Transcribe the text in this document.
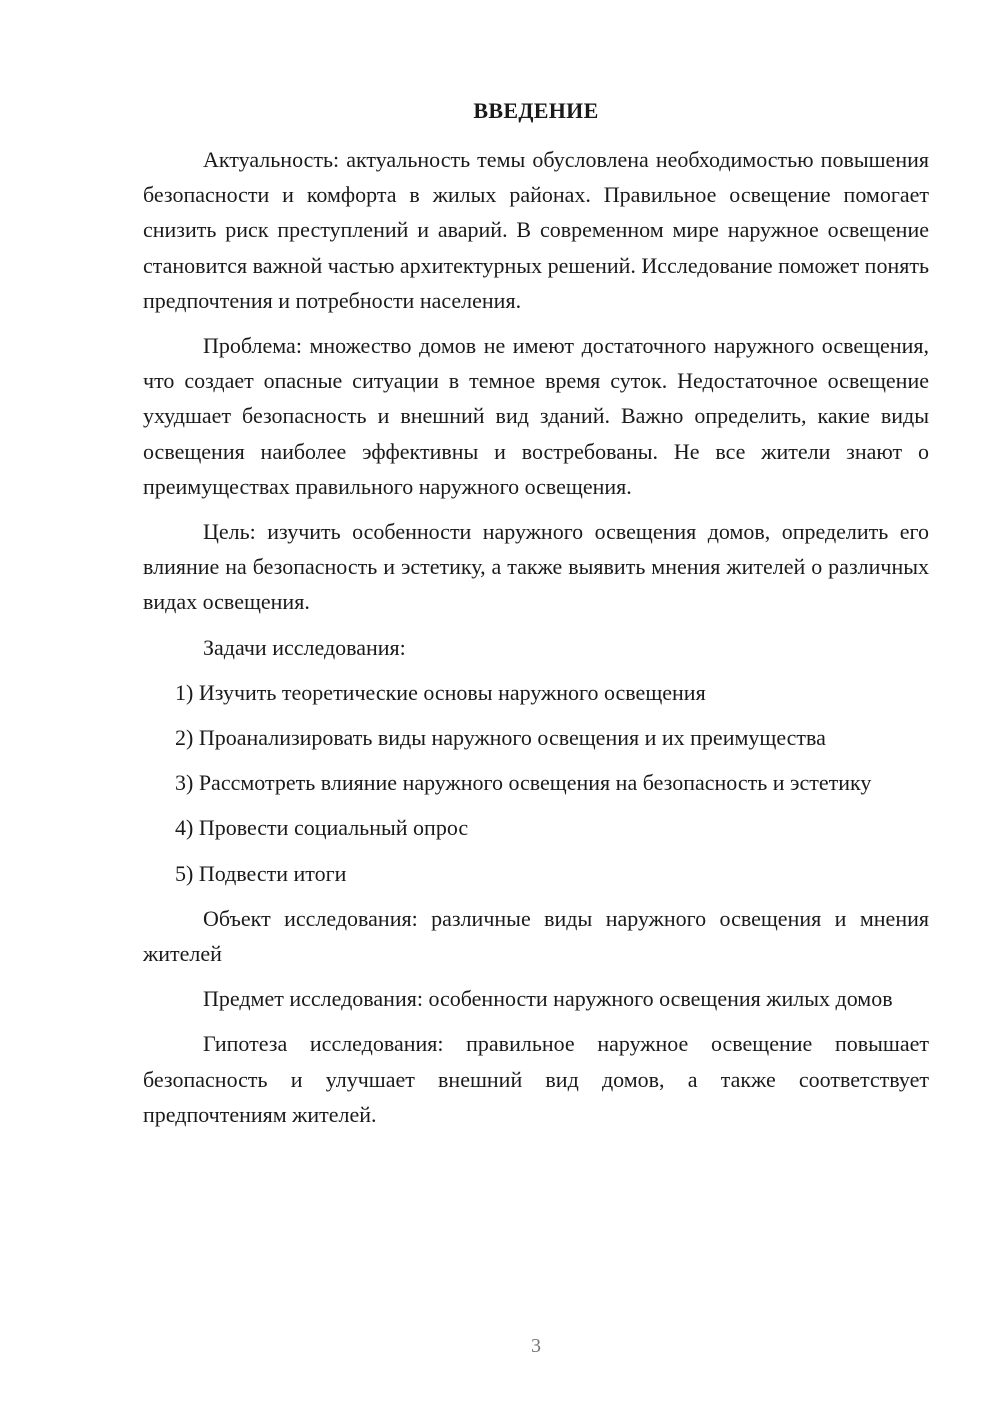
ВВЕДЕНИЕ

Актуальность: актуальность темы обусловлена необходимостью повышения безопасности и комфорта в жилых районах. Правильное освещение помогает снизить риск преступлений и аварий. В современном мире наружное освещение становится важной частью архитектурных решений. Исследование поможет понять предпочтения и потребности населения.

Проблема: множество домов не имеют достаточного наружного освещения, что создает опасные ситуации в темное время суток. Недостаточное освещение ухудшает безопасность и внешний вид зданий. Важно определить, какие виды освещения наиболее эффективны и востребованы. Не все жители знают о преимуществах правильного наружного освещения.

Цель: изучить особенности наружного освещения домов, определить его влияние на безопасность и эстетику, а также выявить мнения жителей о различных видах освещения.

Задачи исследования:

1) Изучить теоретические основы наружного освещения

2) Проанализировать виды наружного освещения и их преимущества

3) Рассмотреть влияние наружного освещения на безопасность и эстетику

4) Провести социальный опрос

5) Подвести итоги

Объект исследования: различные виды наружного освещения и мнения жителей

Предмет исследования: особенности наружного освещения жилых домов

Гипотеза исследования: правильное наружное освещение повышает безопасность и улучшает внешний вид домов, а также соответствует предпочтениям жителей.

3
